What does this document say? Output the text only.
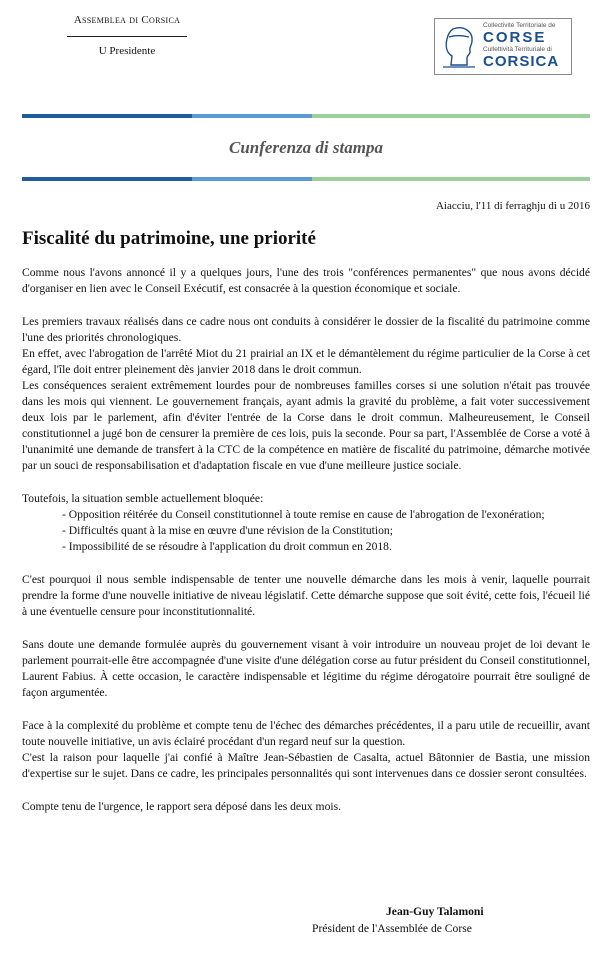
Assemblea di Corsica
U Presidente
Collectivité Territoriale de
CORSE
Cullettività Territuriale di
CORSICA
Cunferenza di stampa
Aiacciu, l'11 di ferraghju di u 2016
Fiscalité du patrimoine, une priorité

Comme nous l'avons annoncé il y a quelques jours, l'une des trois "conférences permanentes" que nous avons décidé d'organiser en lien avec le Conseil Exécutif, est consacrée à la question économique et sociale.

Les premiers travaux réalisés dans ce cadre nous ont conduits à considérer le dossier de la fiscalité du patrimoine comme l'une des priorités chronologiques.

En effet, avec l'abrogation de l'arrêté Miot du 21 prairial an IX et le démantèlement du régime particulier de la Corse à cet égard, l'île doit entrer pleinement dès janvier 2018 dans le droit commun.

Les conséquences seraient extrêmement lourdes pour de nombreuses familles corses si une solution n'était pas trouvée dans les mois qui viennent. Le gouvernement français, ayant admis la gravité du problème, a fait voter successivement deux lois par le parlement, afin d'éviter l'entrée de la Corse dans le droit commun. Malheureusement, le Conseil constitutionnel a jugé bon de censurer la première de ces lois, puis la seconde. Pour sa part, l'Assemblée de Corse a voté à l'unanimité une demande de transfert à la CTC de la compétence en matière de fiscalité du patrimoine, démarche motivée par un souci de responsabilisation et d'adaptation fiscale en vue d'une meilleure justice sociale.

Toutefois, la situation semble actuellement bloquée:

- Opposition réitérée du Conseil constitutionnel à toute remise en cause de l'abrogation de l'exonération;
- Difficultés quant à la mise en œuvre d'une révision de la Constitution;
- Impossibilité de se résoudre à l'application du droit commun en 2018.

C'est pourquoi il nous semble indispensable de tenter une nouvelle démarche dans les mois à venir, laquelle pourrait prendre la forme d'une nouvelle initiative de niveau législatif. Cette démarche suppose que soit évité, cette fois, l'écueil lié à une éventuelle censure pour inconstitutionnalité.

Sans doute une demande formulée auprès du gouvernement visant à voir introduire un nouveau projet de loi devant le parlement pourrait-elle être accompagnée d'une visite d'une délégation corse au futur président du Conseil constitutionnel, Laurent Fabius. À cette occasion, le caractère indispensable et légitime du régime dérogatoire pourrait être souligné de façon argumentée.

Face à la complexité du problème et compte tenu de l'échec des démarches précédentes, il a paru utile de recueillir, avant toute nouvelle initiative, un avis éclairé procédant d'un regard neuf sur la question.

C'est la raison pour laquelle j'ai confié à Maître Jean-Sébastien de Casalta, actuel Bâtonnier de Bastia, une mission d'expertise sur le sujet. Dans ce cadre, les principales personnalités qui sont intervenues dans ce dossier seront consultées.

Compte tenu de l'urgence, le rapport sera déposé dans les deux mois.

Jean-Guy Talamoni
Président de l'Assemblée de Corse
